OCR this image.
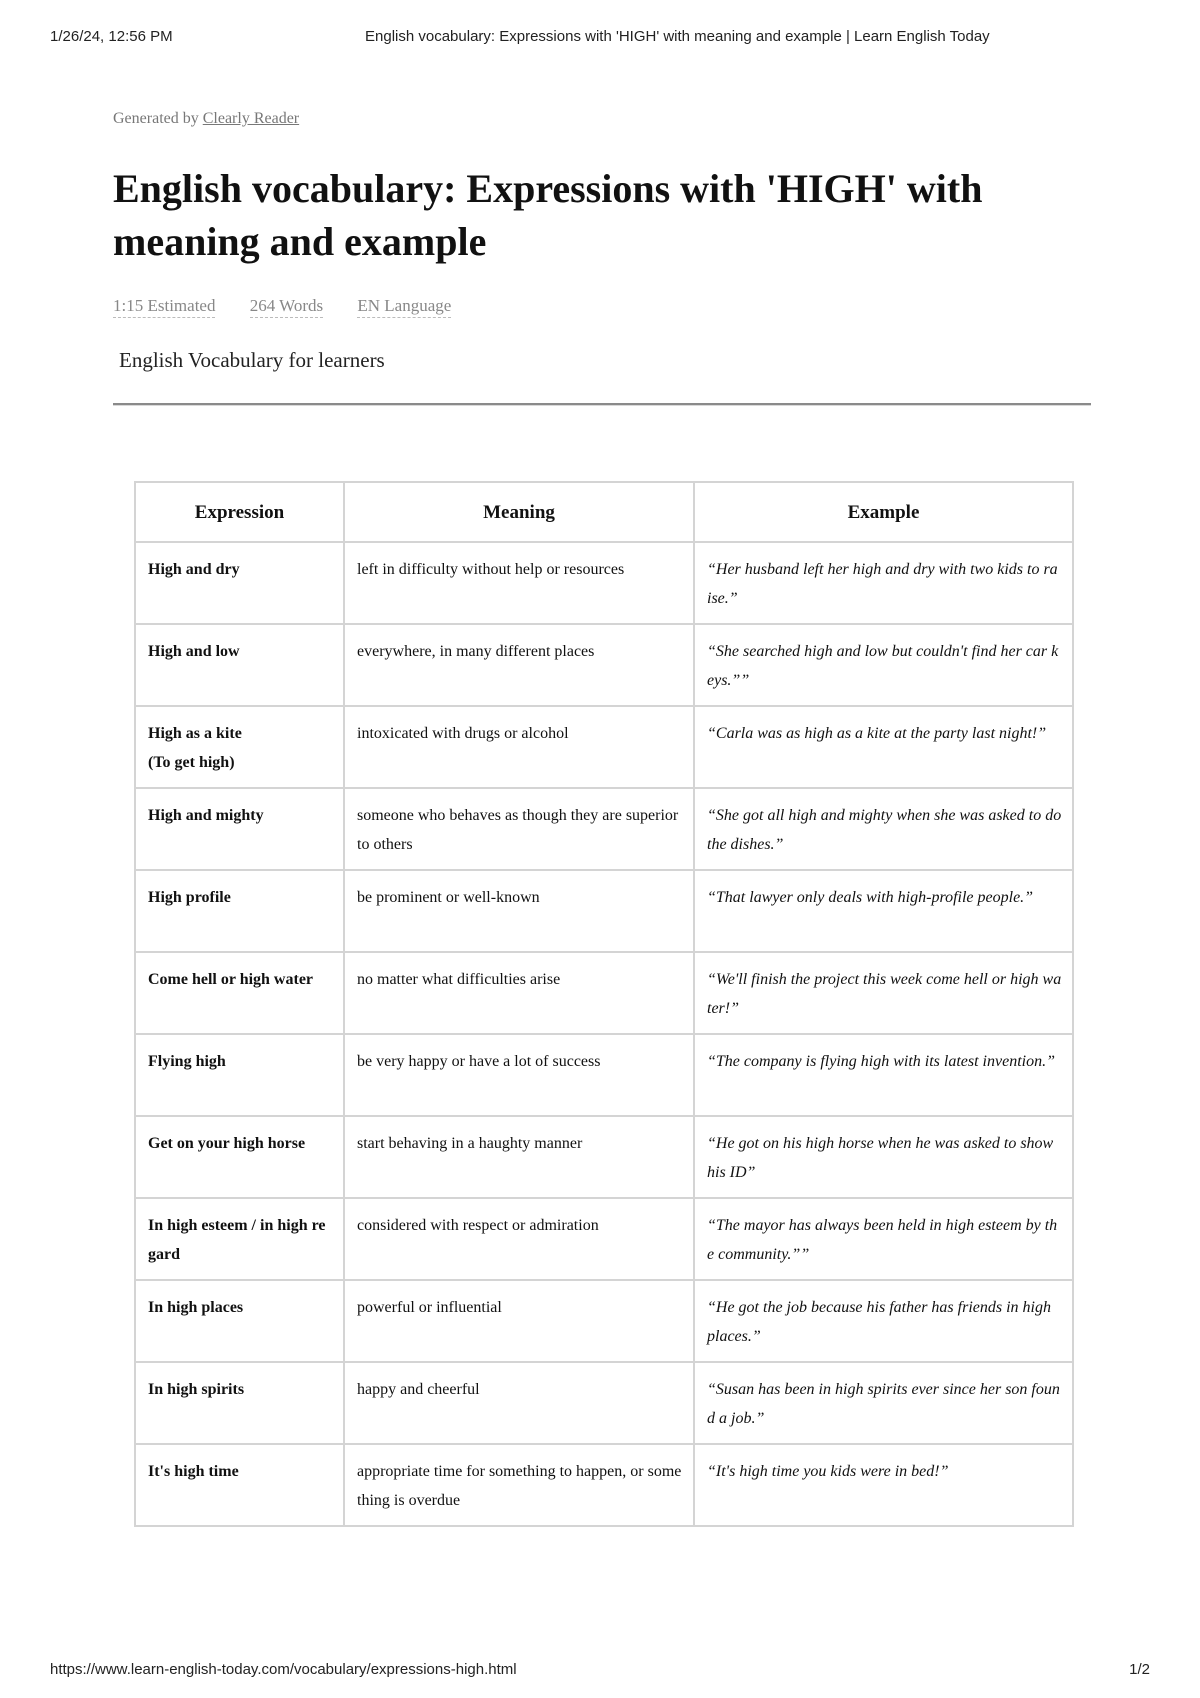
1/26/24, 12:56 PM	English vocabulary: Expressions with 'HIGH' with meaning and example | Learn English Today
Generated by Clearly Reader
English vocabulary: Expressions with 'HIGH' with meaning and example
1:15 Estimated 264 Words EN Language
English Vocabulary for learners
Expression	Meaning	Example

High and dry	left in difficulty without help or resources	“Her husband left her high and dry with two kids to raise.”

High and low	everywhere, in many different places	“She searched high and low but couldn't find her car keys.””

High as a kite
(To get high)	intoxicated with drugs or alcohol	“Carla was as high as a kite at the party last night!”

High and mighty	someone who behaves as though they are superior to others	“She got all high and mighty when she was asked to do the dishes.”

High profile	be prominent or well-known	“That lawyer only deals with high-profile people.”

Come hell or high water	no matter what difficulties arise	“We'll finish the project this week come hell or high water!”

Flying high	be very happy or have a lot of success	“The company is flying high with its latest invention.”

Get on your high horse	start behaving in a haughty manner	“He got on his high horse when he was asked to show his ID”

In high esteem / in high regard	considered with respect or admiration	“The mayor has always been held in high esteem by the community.””

In high places	powerful or influential	“He got the job because his father has friends in high places.”

In high spirits	happy and cheerful	“Susan has been in high spirits ever since her son found a job.”

It's high time	appropriate time for something to happen, or something is overdue	“It's high time you kids were in bed!”
https://www.learn-english-today.com/vocabulary/expressions-high.html	1/2
